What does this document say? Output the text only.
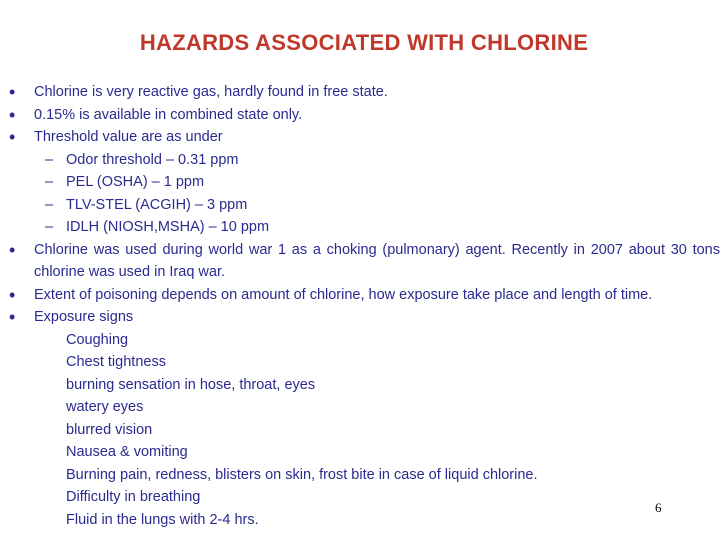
HAZARDS ASSOCIATED WITH CHLORINE
• Chlorine is very reactive gas, hardly found in free state.
• 0.15% is available in combined state only.
• Threshold value are as under
– Odor threshold – 0.31 ppm
– PEL (OSHA) – 1 ppm
– TLV-STEL (ACGIH) – 3 ppm
– IDLH (NIOSH,MSHA) – 10 ppm
• Chlorine was used during world war 1 as a choking (pulmonary) agent. Recently in 2007 about 30 tons chlorine was used in Iraq war.
• Extent of poisoning depends on amount of chlorine, how exposure take place and length of time.
• Exposure signs
Coughing
Chest tightness
burning sensation in hose, throat, eyes
watery eyes
blurred vision
Nausea & vomiting
Burning pain, redness, blisters on skin, frost bite in case of liquid chlorine.
Difficulty in breathing
Fluid in the lungs with 2-4 hrs.
6
